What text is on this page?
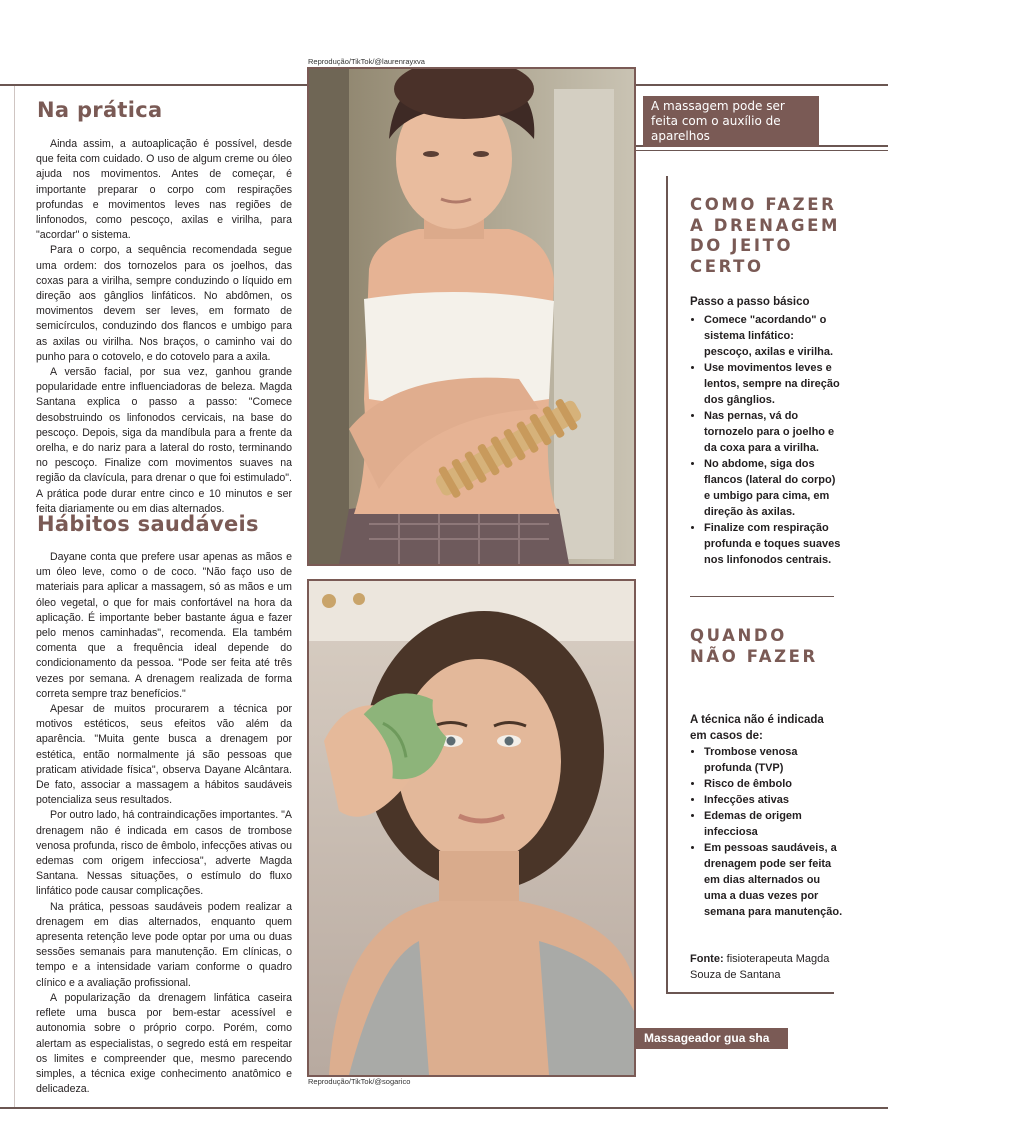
Reprodução/TikTok/@laurenrayxva
Reprodução/TikTok/@sogarico
Na prática

Ainda assim, a autoaplicação é possível, desde que feita com cuidado. O uso de algum creme ou óleo ajuda nos movimentos. Antes de começar, é importante preparar o corpo com respirações profundas e movimentos leves nas regiões de linfonodos, como pescoço, axilas e virilha, para "acordar" o sistema.

Para o corpo, a sequência recomendada segue uma ordem: dos tornozelos para os joelhos, das coxas para a virilha, sempre conduzindo o líquido em direção aos gânglios linfáticos. No abdômen, os movimentos devem ser leves, em formato de semicírculos, conduzindo dos flancos e umbigo para as axilas ou virilha. Nos braços, o caminho vai do punho para o cotovelo, e do cotovelo para a axila.

A versão facial, por sua vez, ganhou grande popularidade entre influenciadoras de beleza. Magda Santana explica o passo a passo: "Comece desobstruindo os linfonodos cervicais, na base do pescoço. Depois, siga da mandíbula para a frente da orelha, e do nariz para a lateral do rosto, terminando no pescoço. Finalize com movimentos suaves na região da clavícula, para drenar o que foi estimulado". A prática pode durar entre cinco e 10 minutos e ser feita diariamente ou em dias alternados.

Hábitos saudáveis

Dayane conta que prefere usar apenas as mãos e um óleo leve, como o de coco. "Não faço uso de materiais para aplicar a massagem, só as mãos e um óleo vegetal, o que for mais confortável na hora da aplicação. É importante beber bastante água e fazer pelo menos caminhadas", recomenda. Ela também comenta que a frequência ideal depende do condicionamento da pessoa. "Pode ser feita até três vezes por semana. A drenagem realizada de forma correta sempre traz benefícios."

Apesar de muitos procurarem a técnica por motivos estéticos, seus efeitos vão além da aparência. "Muita gente busca a drenagem por estética, então normalmente já são pessoas que praticam atividade física", observa Dayane Alcântara. De fato, associar a massagem a hábitos saudáveis potencializa seus resultados.

Por outro lado, há contraindicações importantes. "A drenagem não é indicada em casos de trombose venosa profunda, risco de êmbolo, infecções ativas ou edemas com origem infecciosa", adverte Magda Santana. Nessas situações, o estímulo do fluxo linfático pode causar complicações.

Na prática, pessoas saudáveis podem realizar a drenagem em dias alternados, enquanto quem apresenta retenção leve pode optar por uma ou duas sessões semanais para manutenção. Em clínicas, o tempo e a intensidade variam conforme o quadro clínico e a avaliação profissional.

A popularização da drenagem linfática caseira reflete uma busca por bem-estar acessível e autonomia sobre o próprio corpo. Porém, como alertam as especialistas, o segredo está em respeitar os limites e compreender que, mesmo parecendo simples, a técnica exige conhecimento anatômico e delicadeza.

A massagem pode ser feita com o auxílio de aparelhos
Massageador gua sha
COMO FAZER
A DRENAGEM
DO JEITO
CERTO
Passo a passo básico
• Comece "acordando" o sistema linfático: pescoço, axilas e virilha.
• Use movimentos leves e lentos, sempre na direção dos gânglios.
• Nas pernas, vá do tornozelo para o joelho e da coxa para a virilha.
• No abdome, siga dos flancos (lateral do corpo) e umbigo para cima, em direção às axilas.
• Finalize com respiração profunda e toques suaves nos linfonodos centrais.
QUANDO
NÃO FAZER
A técnica não é indicada em casos de:
• Trombose venosa profunda (TVP)
• Risco de êmbolo
• Infecções ativas
• Edemas de origem infecciosa
• Em pessoas saudáveis, a drenagem pode ser feita em dias alternados ou uma a duas vezes por semana para manutenção.
Fonte: fisioterapeuta Magda Souza de Santana
